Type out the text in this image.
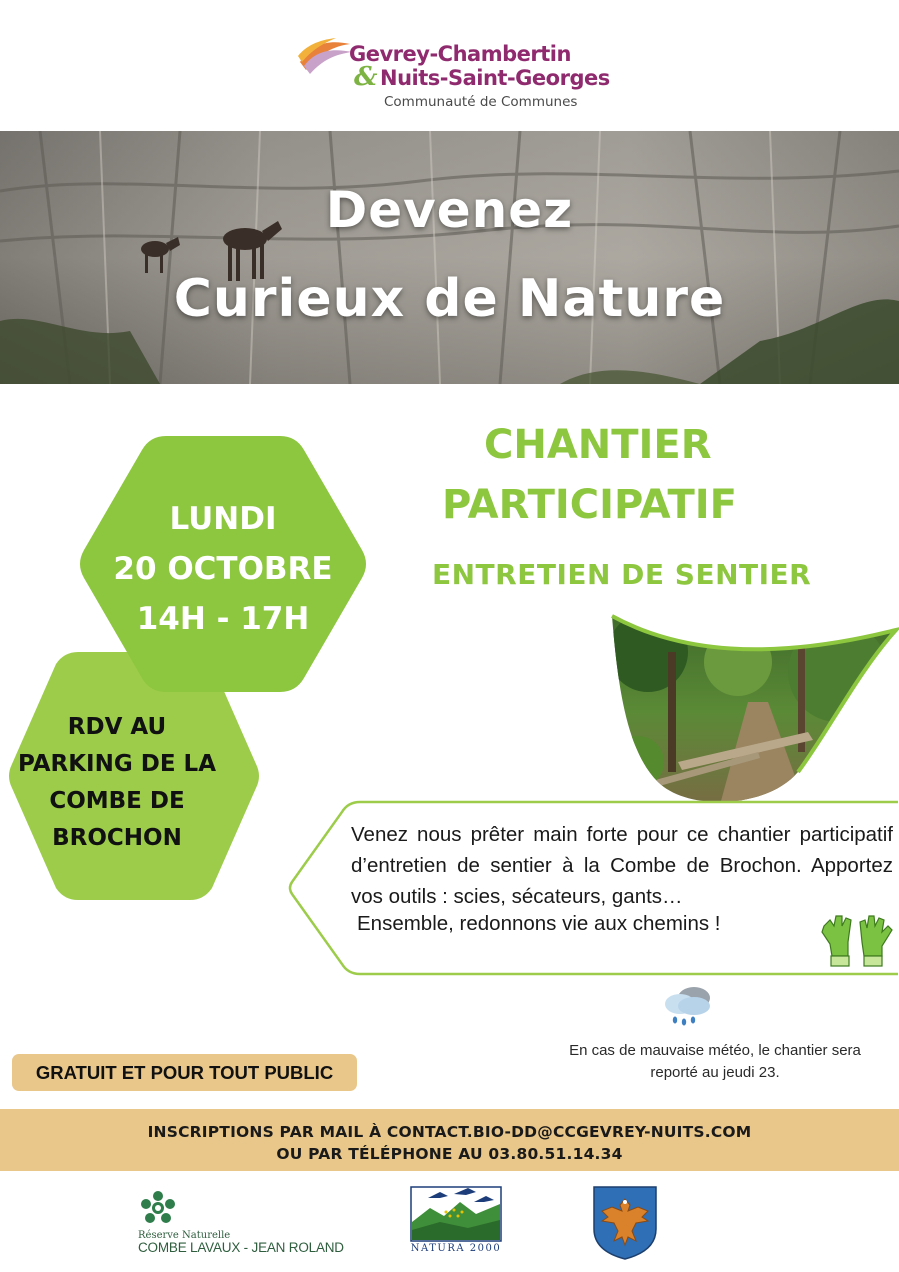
Gevrey-Chambertin
& Nuits-Saint-Georges
Communauté de Communes
Devenez
Curieux de Nature
RDV AU
PARKING DE LA
COMBE DE
BROCHON
LUNDI
20 OCTOBRE
14H - 17H
CHANTIER
PARTICIPATIF
ENTRETIEN DE SENTIER
Venez nous prêter main forte pour ce chantier participatif d’entretien de sentier à la Combe de Brochon. Apportez vos outils : scies, sécateurs, gants…
Ensemble, redonnons vie aux chemins !
En cas de mauvaise météo, le chantier sera
reporté au jeudi 23.
GRATUIT ET POUR TOUT PUBLIC
INSCRIPTIONS PAR MAIL À CONTACT.BIO-DD@CCGEVREY-NUITS.COM
OU PAR TÉLÉPHONE AU 03.80.51.14.34
Réserve Naturelle
COMBE LAVAUX - JEAN ROLAND	NATURA 2000
